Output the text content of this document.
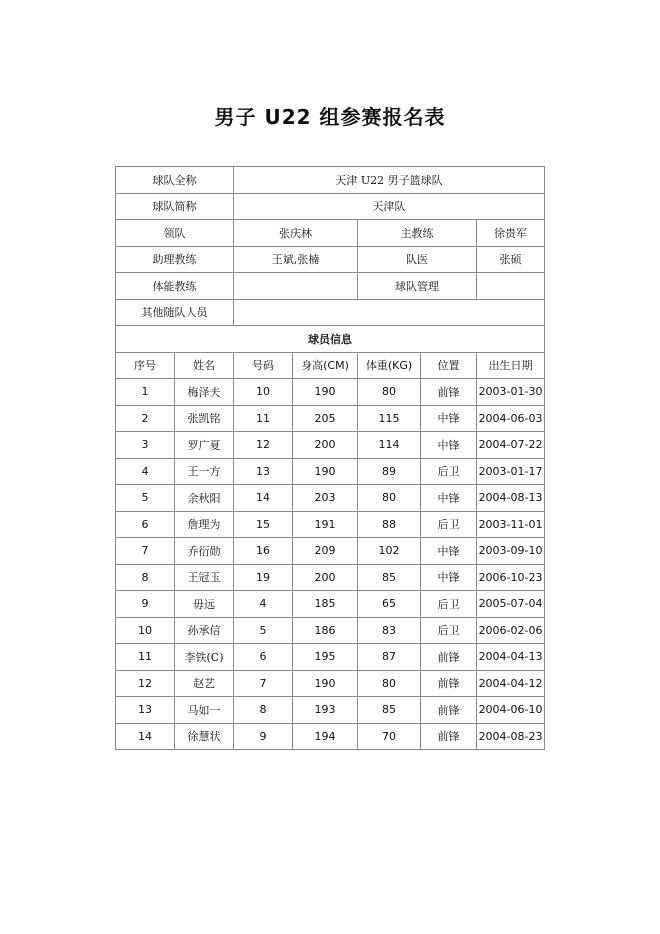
男子 U22 组参赛报名表
球队全称		天津 U22 男子篮球队				
球队简称		天津队				
领队		张庆林		主教练		徐贵军
助理教练		王斌,张楠		队医		张硕
体能教练				球队管理		
其他随队人员						
球员信息						
序号	姓名	号码	身高(CM)	体重(KG)	位置	出生日期
1	梅泽夫	10	190	80	前锋	2003-01-30
2	张凯铭	11	205	115	中锋	2004-06-03
3	罗广夏	12	200	114	中锋	2004-07-22
4	王一方	13	190	89	后卫	2003-01-17
5	余秋阳	14	203	80	中锋	2004-08-13
6	詹理为	15	191	88	后卫	2003-11-01
7	乔衍勋	16	209	102	中锋	2003-09-10
8	王冠玉	19	200	85	中锋	2006-10-23
9	毋远	4	185	65	后卫	2005-07-04
10	孙承信	5	186	83	后卫	2006-02-06
11	李铁(C)	6	195	87	前锋	2004-04-13
12	赵艺	7	190	80	前锋	2004-04-12
13	马如一	8	193	85	前锋	2004-06-10
14	徐慧状	9	194	70	前锋	2004-08-23
